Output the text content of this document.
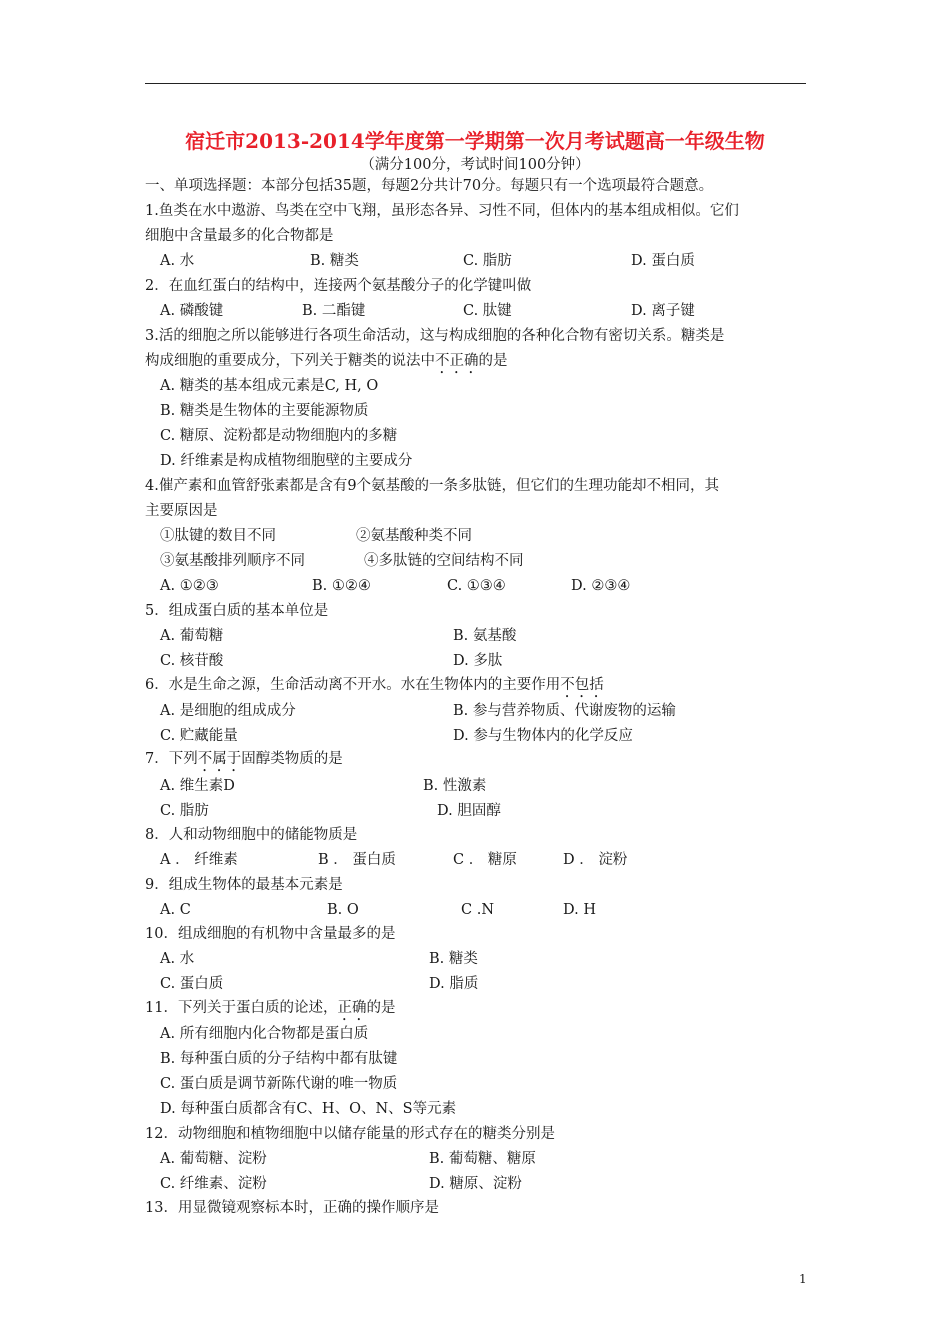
宿迁市2013-2014学年度第一学期第一次月考试题高一年级生物
（满分100分，考试时间100分钟）
一、单项选择题：本部分包括35题，每题2分共计70分。每题只有一个选项最符合题意。
1.鱼类在水中遨游、鸟类在空中飞翔，虽形态各异、习性不同，但体内的基本组成相似。它们
细胞中含量最多的化合物都是
A. 水	B. 糖类	C. 脂肪	D. 蛋白质
2．在血红蛋白的结构中，连接两个氨基酸分子的化学键叫做
A. 磷酸键	B. 二酯键	C. 肽键	D. 离子键
3.活的细胞之所以能够进行各项生命活动，这与构成细胞的各种化合物有密切关系。糖类是
构成细胞的重要成分，下列关于糖类的说法中不正确的是
A. 糖类的基本组成元素是C, H, O
B. 糖类是生物体的主要能源物质
C. 糖原、淀粉都是动物细胞内的多糖
D. 纤维素是构成植物细胞壁的主要成分
4.催产素和血管舒张素都是含有9个氨基酸的一条多肽链，但它们的生理功能却不相同，其
主要原因是
①肽键的数目不同	②氨基酸种类不同
③氨基酸排列顺序不同	④多肽链的空间结构不同
A. ①②③	B. ①②④	C. ①③④	D. ②③④
5．组成蛋白质的基本单位是
A. 葡萄糖	B. 氨基酸
C. 核苷酸	D. 多肽
6．水是生命之源，生命活动离不开水。水在生物体内的主要作用不包括
A. 是细胞的组成成分	B. 参与营养物质、代谢废物的运输
C. 贮藏能量	D. 参与生物体内的化学反应
7．下列不属于固醇类物质的是
A. 维生素D	B. 性激素
C. 脂肪	D. 胆固醇
8．人和动物细胞中的储能物质是
A ． 纤维素	B ． 蛋白质	C ． 糖原	D ． 淀粉
9．组成生物体的最基本元素是
A. C	B. O	C .N	D. H
10．组成细胞的有机物中含量最多的是
A. 水	B. 糖类
C. 蛋白质	D. 脂质
11．下列关于蛋白质的论述，正确的是
A. 所有细胞内化合物都是蛋白质
B. 每种蛋白质的分子结构中都有肽键
C. 蛋白质是调节新陈代谢的唯一物质
D. 每种蛋白质都含有C、H、O、N、S等元素
12．动物细胞和植物细胞中以储存能量的形式存在的糖类分别是
A. 葡萄糖、淀粉	B. 葡萄糖、糖原
C. 纤维素、淀粉	D. 糖原、淀粉
13．用显微镜观察标本时，正确的操作顺序是
1
